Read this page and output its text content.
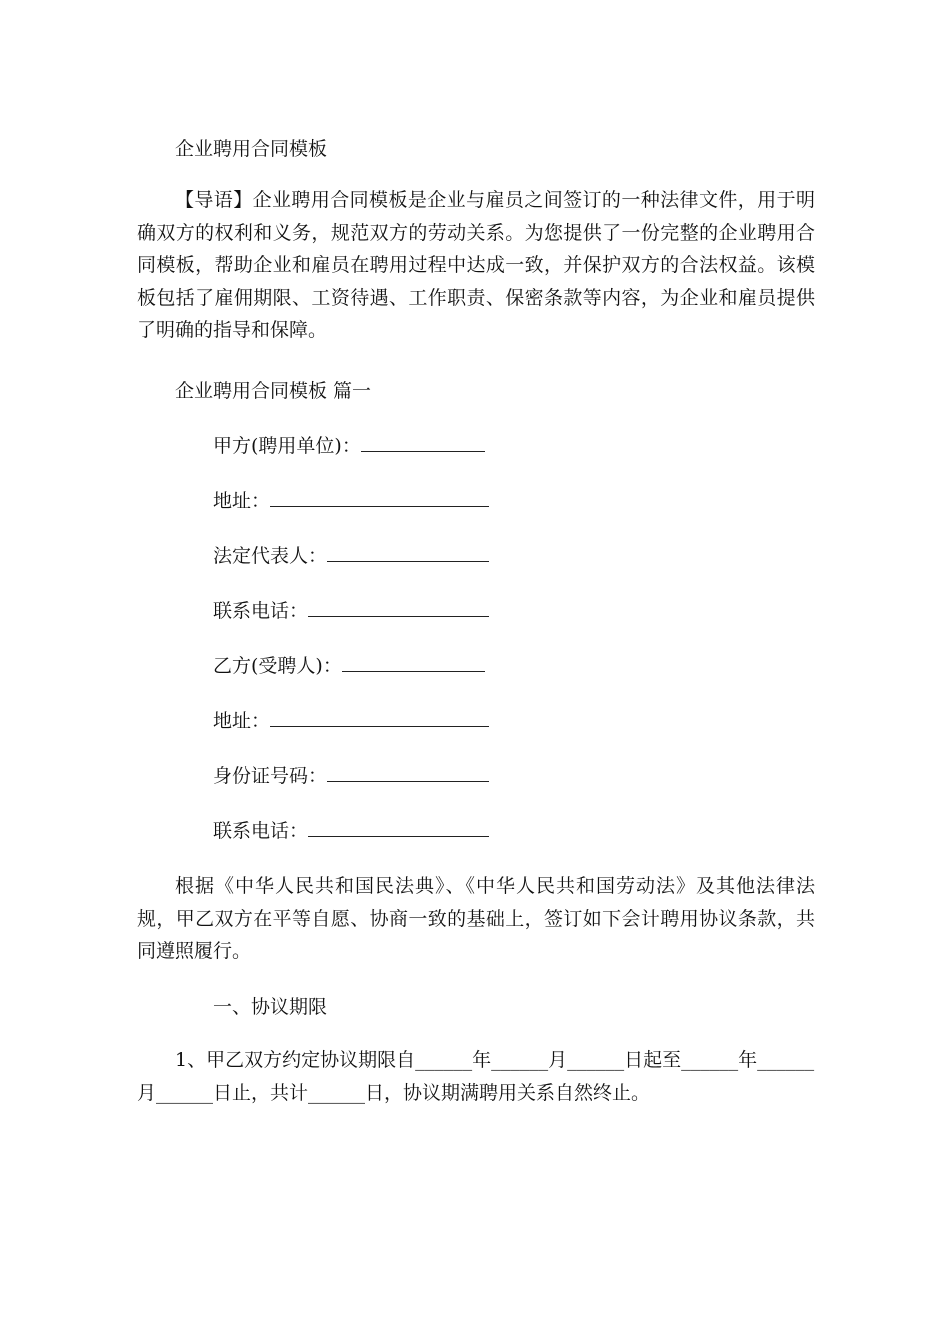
企业聘用合同模板

【导语】企业聘用合同模板是企业与雇员之间签订的一种法律文件，用于明确双方的权利和义务，规范双方的劳动关系。为您提供了一份完整的企业聘用合同模板，帮助企业和雇员在聘用过程中达成一致，并保护双方的合法权益。该模板包括了雇佣期限、工资待遇、工作职责、保密条款等内容，为企业和雇员提供了明确的指导和保障。

企业聘用合同模板 篇一
甲方(聘用单位)：
地址：
法定代表人：
联系电话：
乙方(受聘人)：
地址：
身份证号码：
联系电话：

根据《中华人民共和国民法典》、《中华人民共和国劳动法》及其他法律法规，甲乙双方在平等自愿、协商一致的基础上，签订如下会计聘用协议条款，共同遵照履行。

一、协议期限

1、甲乙双方约定协议期限自______年______月______日起至______年______月______日止，共计______日，协议期满聘用关系自然终止。
